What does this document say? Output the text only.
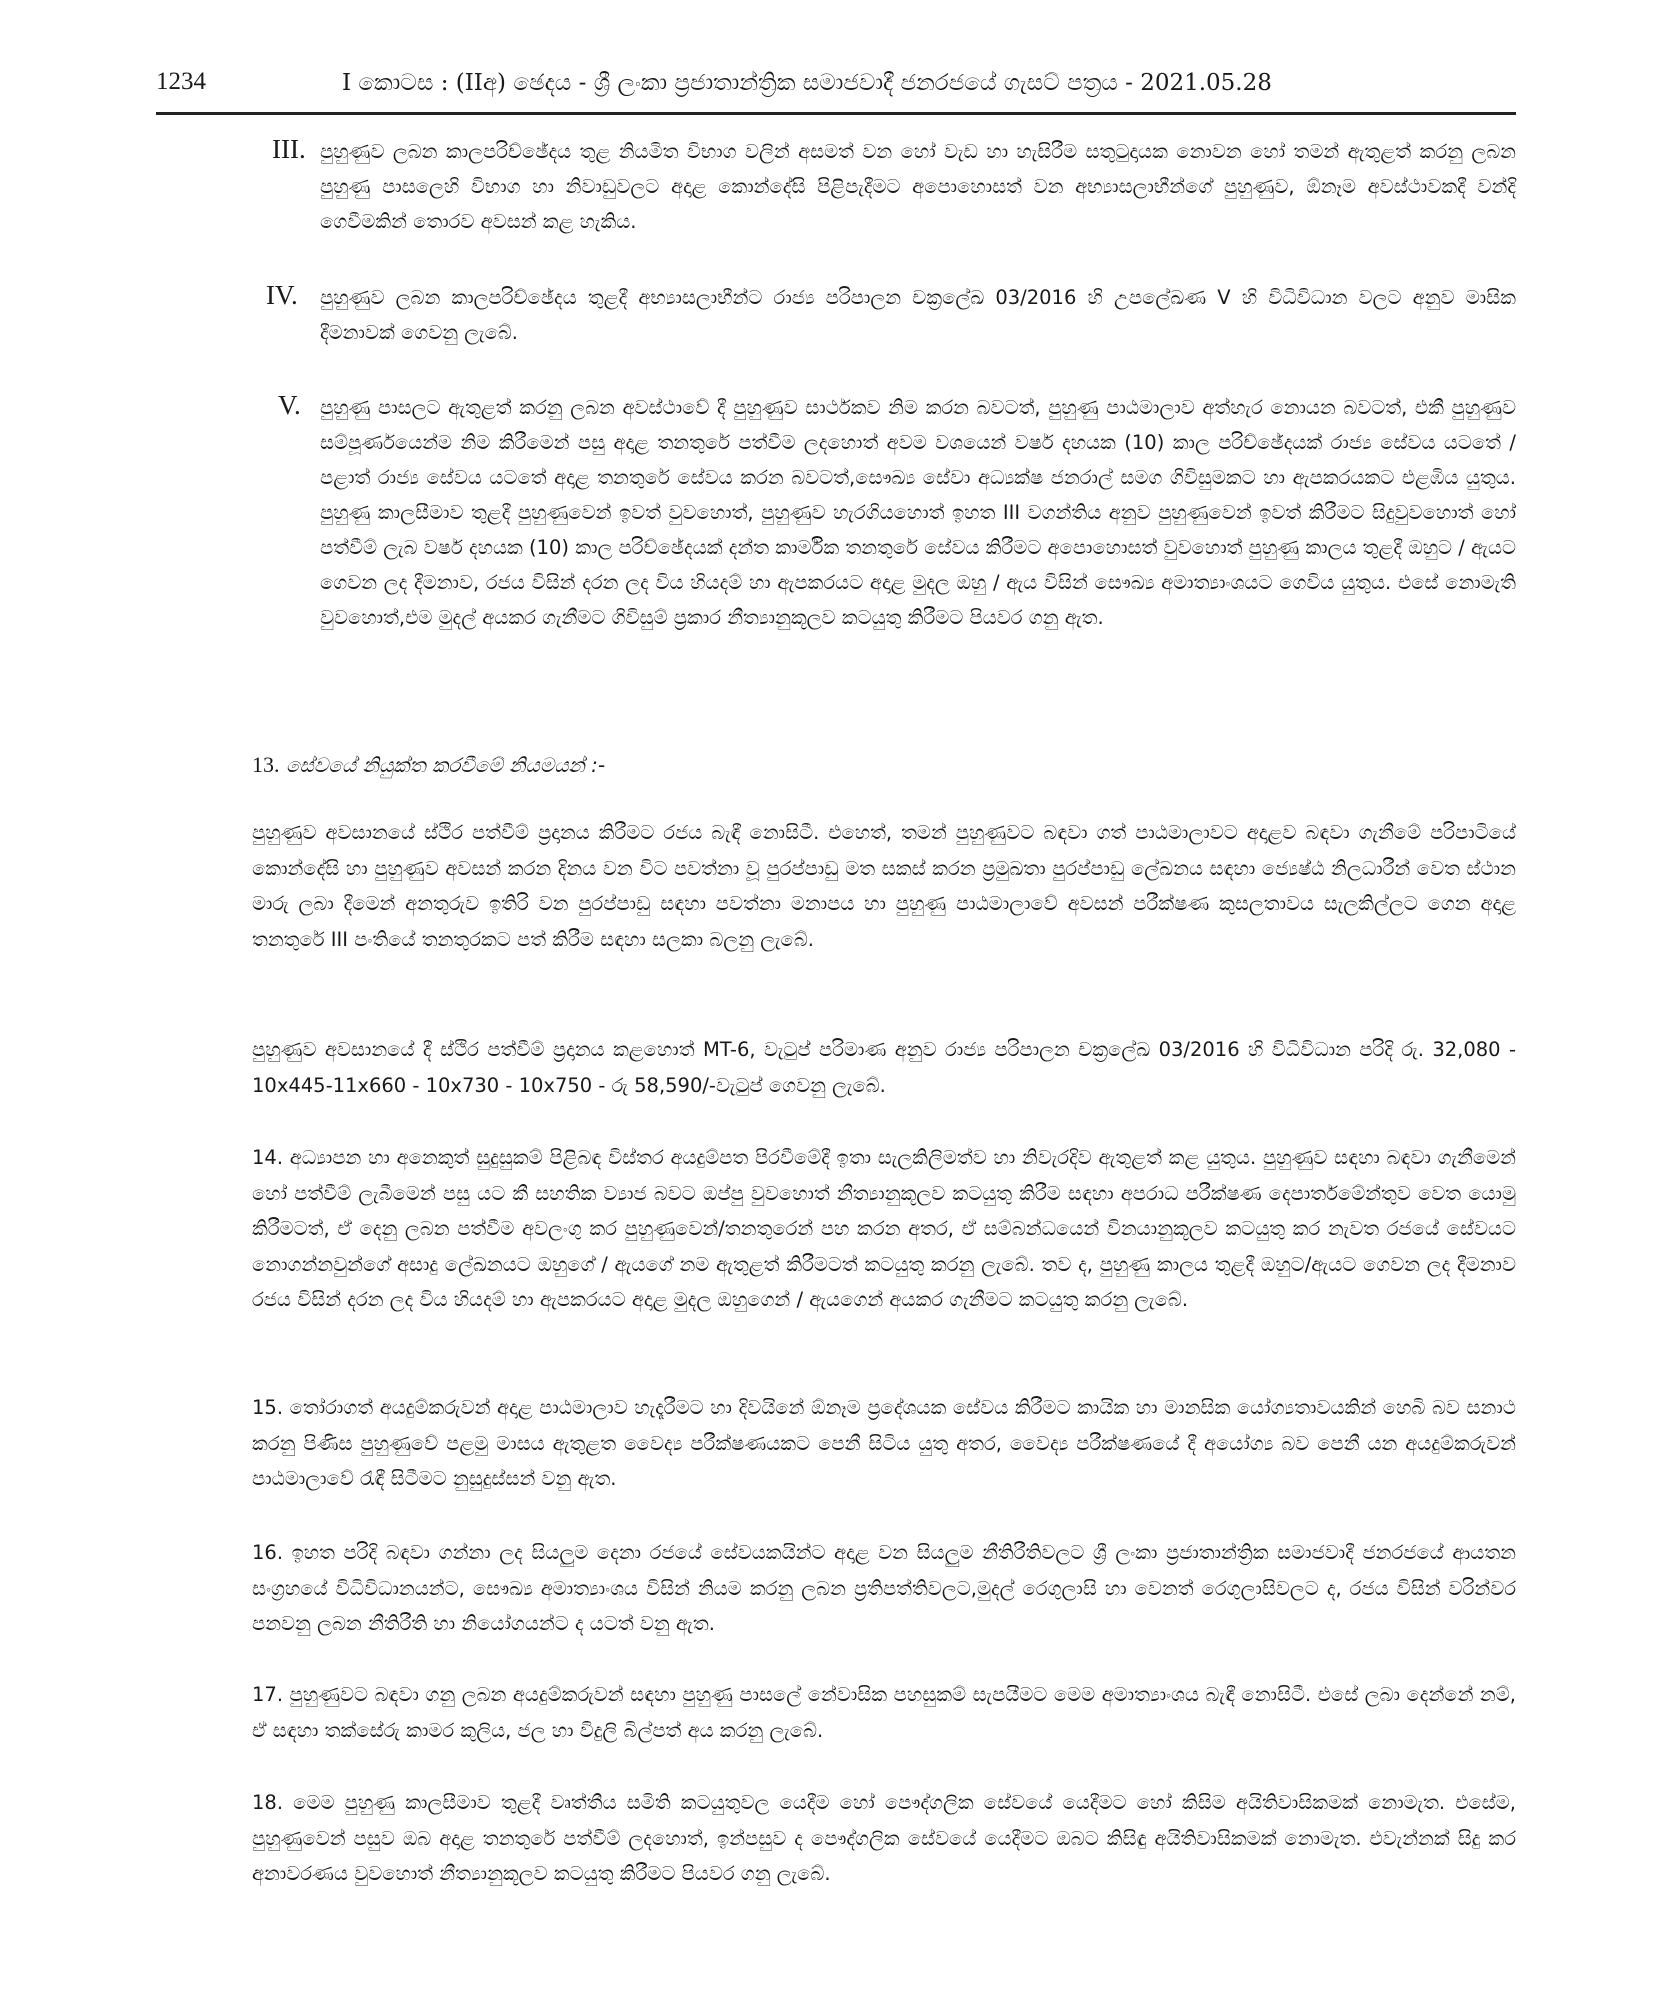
1234	I කොටස : (IIඅ) ඡෙදය - ශ්‍රී ලංකා ප්‍රජාතාන්ත්‍රික සමාජවාදී ජනරජයේ ගැසට් පත්‍රය - 2021.05.28
III. පුහුණුව ලබන කාලපරිච්ඡේදය තුළ නියමිත විභාග වලින් අසමත් වන හෝ වැඩ හා හැසිරීම සතුටුදායක නොවන හෝ තමන් ඇතුළත් කරනු ලබන පුහුණු පාසලෙහි විභාග හා නිවාඩුවලට අදාළ කොන්දේසි පිළිපැදීමට අපොහොසත් වන අභ්‍යාසලාභීන්ගේ පුහුණුව, ඕනෑම අවස්ථාවකදී වන්දි ගෙවීමකින් තොරව අවසන් කළ හැකිය.
IV. පුහුණුව ලබන කාලපරිච්ඡේදය තුළදී අභ්‍යාසලාභීන්ට රාජ්‍ය පරිපාලන චක්‍රලේඛ 03/2016 හි උපලේඛණ V හි විධිවිධාන වලට අනුව මාසික දීමනාවක් ගෙවනු ලැබේ.
V. පුහුණු පාසලට ඇතුළත් කරනු ලබන අවස්ථාවේ දී පුහුණුව සාර්ථකව නිම කරන බවටත්, පුහුණු පාඨමාලාව අත්හැර නොයන බවටත්, එකී පුහුණුව සම්පූර්ණයෙන්ම නිම කිරීමෙන් පසු අදාළ තනතුරේ පත්වීම ලදහොත් අවම වශයෙන් වර්ෂ දහයක (10) කාල පරිච්ඡේදයක් රාජ්‍ය සේවය යටතේ / පළාත් රාජ්‍ය සේවය යටතේ අදාළ තනතුරේ සේවය කරන බවටත්,සෞඛ්‍ය සේවා අධ්‍යක්ෂ ජනරාල් සමග ගිවිසුමකට හා ඇපකරයකට එළඹිය යුතුය. පුහුණු කාලසීමාව තුළදී පුහුණුවෙන් ඉවත් වුවහොත්, පුහුණුව හැරගියහොත් ඉහත III වගන්තිය අනුව පුහුණුවෙන් ඉවත් කිරීමට සිදුවුවහොත් හෝ පත්වීම් ලැබ වර්ෂ දහයක (10) කාල පරිච්ඡේදයක් දන්ත කාර්මික තනතුරේ සේවය කිරීමට අපොහොසත් වුවහොත් පුහුණු කාලය තුළදී ඔහුට / ඇයට ගෙවන ලද දීමනාව, රජය විසින් දරන ලද විය හියදම් හා ඇපකරයට අදාළ මුදල ඔහු / ඇය විසින් සෞඛ්‍ය අමාත්‍යාංශයට ගෙවිය යුතුය. එසේ නොමැති වුවහොත්,එම මුදල් අයකර ගැනීමට ගිවිසුම් ප්‍රකාර නීත්‍යානුකූලව කටයුතු කිරීමට පියවර ගනු ඇත.
13. සේවයේ නියුක්ත කරවීමේ නියමයන් :-
පුහුණුව අවසානයේ ස්ථිර පත්වීම් ප්‍රදානය කිරීමට රජය බැඳී නොසිටී. එහෙත්, තමන් පුහුණුවට බඳවා ගත් පාඨමාලාවට අදාළව බඳවා ගැනීමේ පරිපාටියේ කොන්දේසි හා පුහුණුව අවසන් කරන දිනය වන විට පවත්නා වූ පුරප්පාඩු මත සකස් කරන ප්‍රමුඛතා පුරප්පාඩු ලේඛනය සඳහා ජ්‍යෙෂ්ඨ නිලධාරීන් වෙත ස්ථාන මාරු ලබා දීමෙන් අනතුරුව ඉතිරි වන පුරප්පාඩු සඳහා පවත්නා මනාපය හා පුහුණු පාඨමාලාවේ අවසන් පරීක්ෂණ කුසලතාවය සැලකිල්ලට ගෙන අදාළ තනතුරේ III පංතියේ තනතුරකට පත් කිරීම සඳහා සලකා බලනු ලැබේ.
පුහුණුව අවසානයේ දී ස්ථිර පත්වීම් ප්‍රදානය කළහොත් MT-6, වැටුප් පරිමාණ අනුව රාජ්‍ය පරිපාලන චක්‍රලේඛ 03/2016 හි විධිවිධාන පරිදි රු. 32,080 - 10x445-11x660 - 10x730 - 10x750 - රු 58,590/-වැටුප් ගෙවනු ලැබේ.
14. අධ්‍යාපන හා අනෙකුත් සුදුසුකම් පිළිබඳ විස්තර අයදුම්පත පිරවීමේදී ඉතා සැලකිලිමත්ව හා නිවැරදිව ඇතුළත් කළ යුතුය. පුහුණුව සඳහා බඳවා ගැනීමෙන් හෝ පත්වීම් ලැබීමෙන් පසු යට කී සහතික ව්‍යාජ බවට ඔප්පු වුවහොත් නීත්‍යානුකූලව කටයුතු කිරීම සඳහා අපරාධ පරීක්ෂණ දෙපාර්තමේන්තුව වෙත යොමු කිරීමටත්, ඒ දෙනු ලබන පත්වීම අවලංගු කර පුහුණුවෙන්/තනතුරෙන් පහ කරන අතර, ඒ සම්බන්ධයෙන් විනයානුකූලව කටයුතු කර නැවත රජයේ සේවයට නොගන්නවුන්ගේ අසාදු ලේඛනයට ඔහුගේ / ඇයගේ නම ඇතුළත් කිරීමටත් කටයුතු කරනු ලැබේ. තව ද, පුහුණු කාලය තුළදී ඔහුට/ඇයට ගෙවන ලද දීමනාව රජය විසින් දරන ලද විය හියදම් හා ඇපකරයට අදාළ මුදල ඔහුගෙන් / ඇයගෙන් අයකර ගැනීමට කටයුතු කරනු ලැබේ.
15. තෝරාගත් අයදුම්කරුවන් අදාළ පාඨමාලාව හැදෑරීමට හා දිවයිනේ ඕනෑම ප්‍රදේශයක සේවය කිරීමට කායික හා මානසික යෝග්‍යතාවයකින් හෙබි බව සනාථ කරනු පිණිස පුහුණුවේ පළමු මාසය ඇතුළත වෛද්‍ය පරීක්ෂණයකට පෙනී සිටිය යුතු අතර, වෛද්‍ය පරීක්ෂණයේ දී අයෝග්‍ය බව පෙනී යන අයදුම්කරුවන් පාඨමාලාවේ රැඳී සිටීමට නුසුදුස්සන් වනු ඇත.
16. ඉහත පරිදි බඳවා ගන්නා ලද සියලුම දෙනා රජයේ සේවයකයින්ට අදාළ වන සියලුම නීතිරීතිවලට ශ්‍රී ලංකා ප්‍රජාතාන්ත්‍රික සමාජවාදී ජනරජයේ ආයතන සංග්‍රහයේ විධිවිධානයන්ට, සෞඛ්‍ය අමාත්‍යාංශය විසින් නියම කරනු ලබන ප්‍රතිපත්තිවලට,මුදල් රෙගුලාසි හා වෙනත් රෙගුලාසිවලට ද, රජය විසින් වරින්වර පනවනු ලබන නීතිරීති හා නියෝගයන්ට ද යටත් වනු ඇත.
17. පුහුණුවට බඳවා ගනු ලබන අයදුම්කරුවන් සඳහා පුහුණු පාසලේ නේවාසික පහසුකම් සැපයීමට මෙම අමාත්‍යාංශය බැඳී නොසිටී. එසේ ලබා දෙන්නේ නම්, ඒ සඳහා තක්සේරු කාමර කුලිය, ජල හා විදුලි බිල්පත් අය කරනු ලැබේ.
18. මෙම පුහුණු කාලසීමාව තුළදී වෘත්තීය සමිති කටයුතුවල යෙදීම හෝ පෞද්ගලික සේවයේ යෙදීමට හෝ කිසිම අයිතිවාසිකමක් නොමැත. එසේම, පුහුණුවෙන් පසුව ඔබ අදාළ තනතුරේ පත්වීම් ලදහොත්, ඉන්පසුව ද පෞද්ගලික සේවයේ යෙදීමට ඔබට කිසිඳු අයිතිවාසිකමක් නොමැත. එවැන්නක් සිදු කර අනාවරණය වුවහොත් නීත්‍යානුකූලව කටයුතු කිරීමට පියවර ගනු ලැබේ.
